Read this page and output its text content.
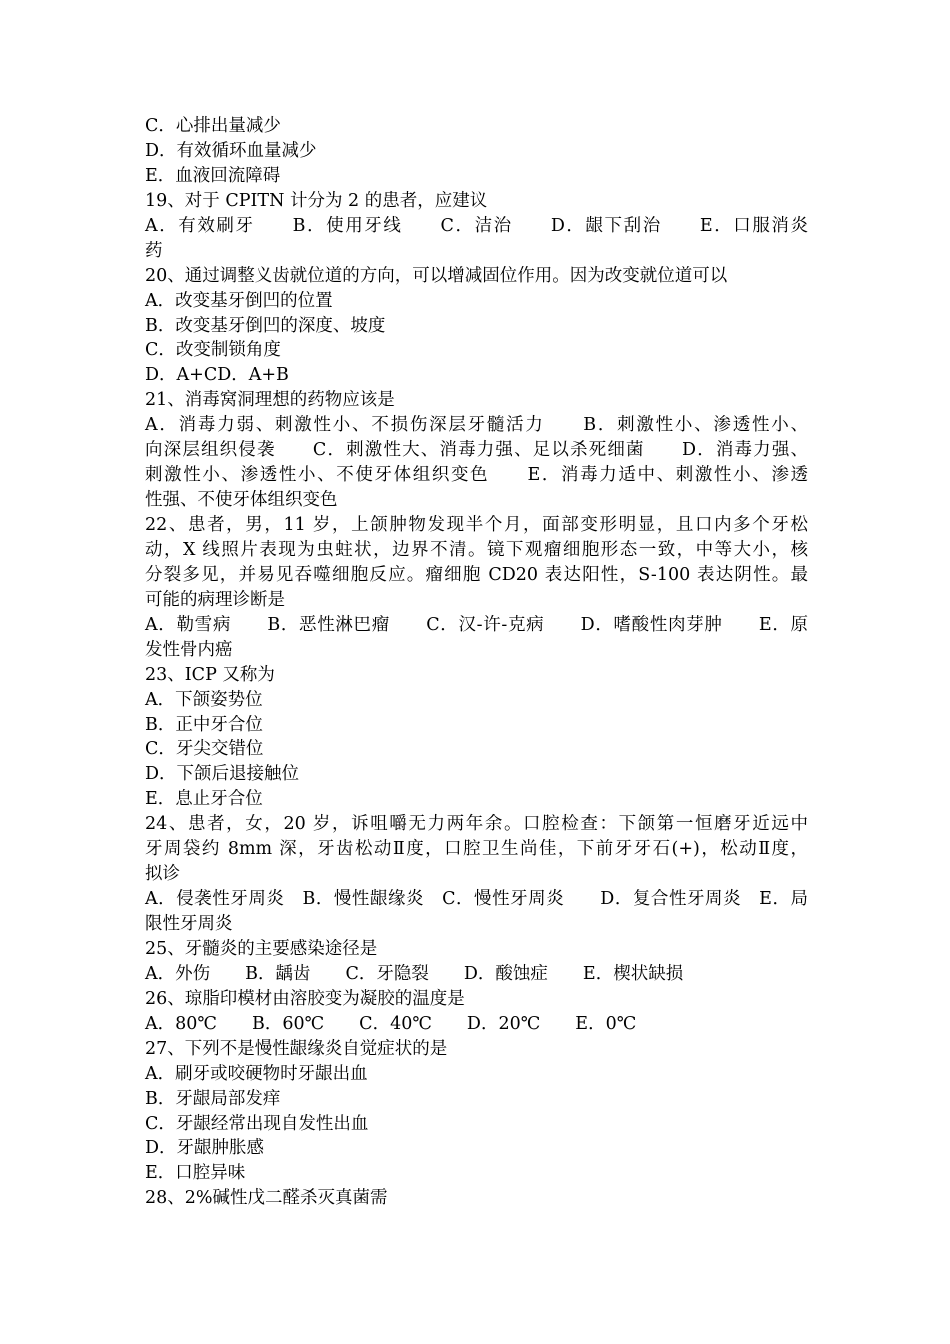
C．心排出量减少
D．有效循环血量减少
E．血液回流障碍
19、对于 CPITN 计分为 2 的患者，应建议
A．有效刷牙　　B．使用牙线　　C．洁治　　D．龈下刮治　　E．口服消炎
药
20、通过调整义齿就位道的方向，可以增减固位作用。因为改变就位道可以
A．改变基牙倒凹的位置
B．改变基牙倒凹的深度、坡度
C．改变制锁角度
D．A+CD．A+B
21、消毒窝洞理想的药物应该是
A．消毒力弱、刺激性小、不损伤深层牙髓活力　　B．刺激性小、渗透性小、
向深层组织侵袭　　C．刺激性大、消毒力强、足以杀死细菌　　D．消毒力强、
刺激性小、渗透性小、不使牙体组织变色　　E．消毒力适中、刺激性小、渗透
性强、不使牙体组织变色
22、患者，男，11 岁，上颌肿物发现半个月，面部变形明显，且口内多个牙松
动，X 线照片表现为虫蛀状，边界不清。镜下观瘤细胞形态一致，中等大小，核
分裂多见，并易见吞噬细胞反应。瘤细胞 CD20 表达阳性，S-100 表达阴性。最
可能的病理诊断是
A．勒雪病　　B．恶性淋巴瘤　　C．汉-许-克病　　D．嗜酸性肉芽肿　　E．原
发性骨内癌
23、ICP 又称为
A．下颌姿势位
B．正中牙合位
C．牙尖交错位
D．下颌后退接触位
E．息止牙合位
24、患者，女，20 岁，诉咀嚼无力两年余。口腔检查：下颌第一恒磨牙近远中
牙周袋约 8mm 深，牙齿松动Ⅱ度，口腔卫生尚佳，下前牙牙石(+)，松动Ⅱ度，
拟诊
A．侵袭性牙周炎　B．慢性龈缘炎　C．慢性牙周炎　　D．复合性牙周炎　E．局
限性牙周炎
25、牙髓炎的主要感染途径是
A．外伤　　B．龋齿　　C．牙隐裂　　D．酸蚀症　　E．楔状缺损
26、琼脂印模材由溶胶变为凝胶的温度是
A．80℃　　B．60℃　　C．40℃　　D．20℃　　E．0℃
27、下列不是慢性龈缘炎自觉症状的是
A．刷牙或咬硬物时牙龈出血
B．牙龈局部发痒
C．牙龈经常出现自发性出血
D．牙龈肿胀感
E．口腔异味
28、2%碱性戊二醛杀灭真菌需
